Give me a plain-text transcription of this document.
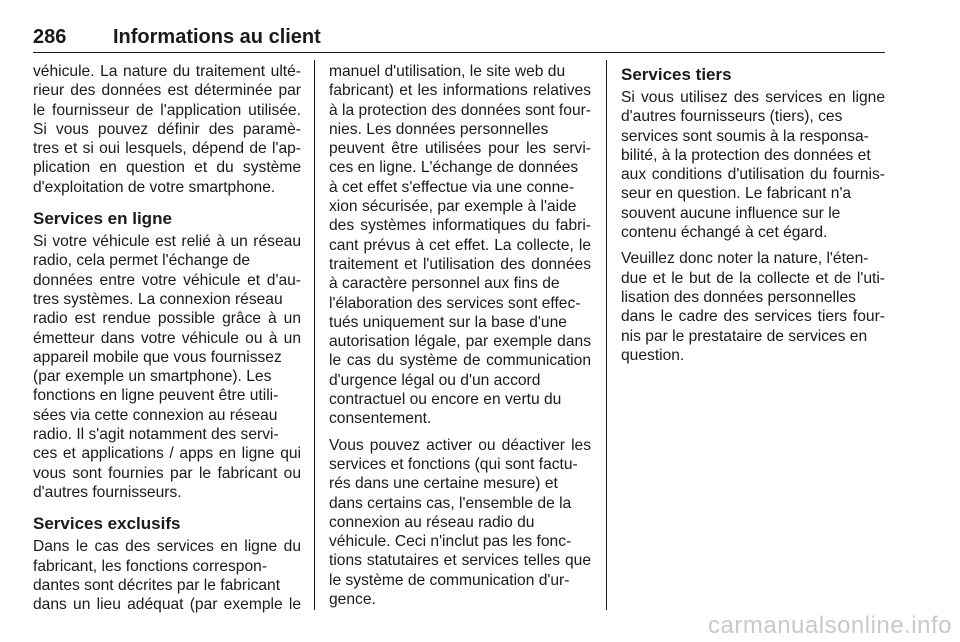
286 Informations au client
véhicule. La nature du traitement ulté-
rieur des données est déterminée par
le fournisseur de l'application utilisée.
Si vous pouvez définir des paramè-
tres et si oui lesquels, dépend de l'ap-
plication en question et du système
d'exploitation de votre smartphone.
Services en ligne
Si votre véhicule est relié à un réseau
radio, cela permet l'échange de
données entre votre véhicule et d'au-
tres systèmes. La connexion réseau
radio est rendue possible grâce à un
émetteur dans votre véhicule ou à un
appareil mobile que vous fournissez
(par exemple un smartphone). Les
fonctions en ligne peuvent être utili-
sées via cette connexion au réseau
radio. Il s'agit notamment des servi-
ces et applications / apps en ligne qui
vous sont fournies par le fabricant ou
d'autres fournisseurs.
Services exclusifs
Dans le cas des services en ligne du
fabricant, les fonctions correspon-
dantes sont décrites par le fabricant
dans un lieu adéquat (par exemple le
manuel d'utilisation, le site web du
fabricant) et les informations relatives
à la protection des données sont four-
nies. Les données personnelles
peuvent être utilisées pour les servi-
ces en ligne. L'échange de données
à cet effet s'effectue via une conne-
xion sécurisée, par exemple à l'aide
des systèmes informatiques du fabri-
cant prévus à cet effet. La collecte, le
traitement et l'utilisation des données
à caractère personnel aux fins de
l'élaboration des services sont effec-
tués uniquement sur la base d'une
autorisation légale, par exemple dans
le cas du système de communication
d'urgence légal ou d'un accord
contractuel ou encore en vertu du
consentement.
Vous pouvez activer ou déactiver les
services et fonctions (qui sont factu-
rés dans une certaine mesure) et
dans certains cas, l'ensemble de la
connexion au réseau radio du
véhicule. Ceci n'inclut pas les fonc-
tions statutaires et services telles que
le système de communication d'ur-
gence.
Services tiers
Si vous utilisez des services en ligne
d'autres fournisseurs (tiers), ces
services sont soumis à la responsa-
bilité, à la protection des données et
aux conditions d'utilisation du fournis-
seur en question. Le fabricant n'a
souvent aucune influence sur le
contenu échangé à cet égard.
Veuillez donc noter la nature, l'éten-
due et le but de la collecte et de l'uti-
lisation des données personnelles
dans le cadre des services tiers four-
nis par le prestataire de services en
question.
carmanualsonline.info
